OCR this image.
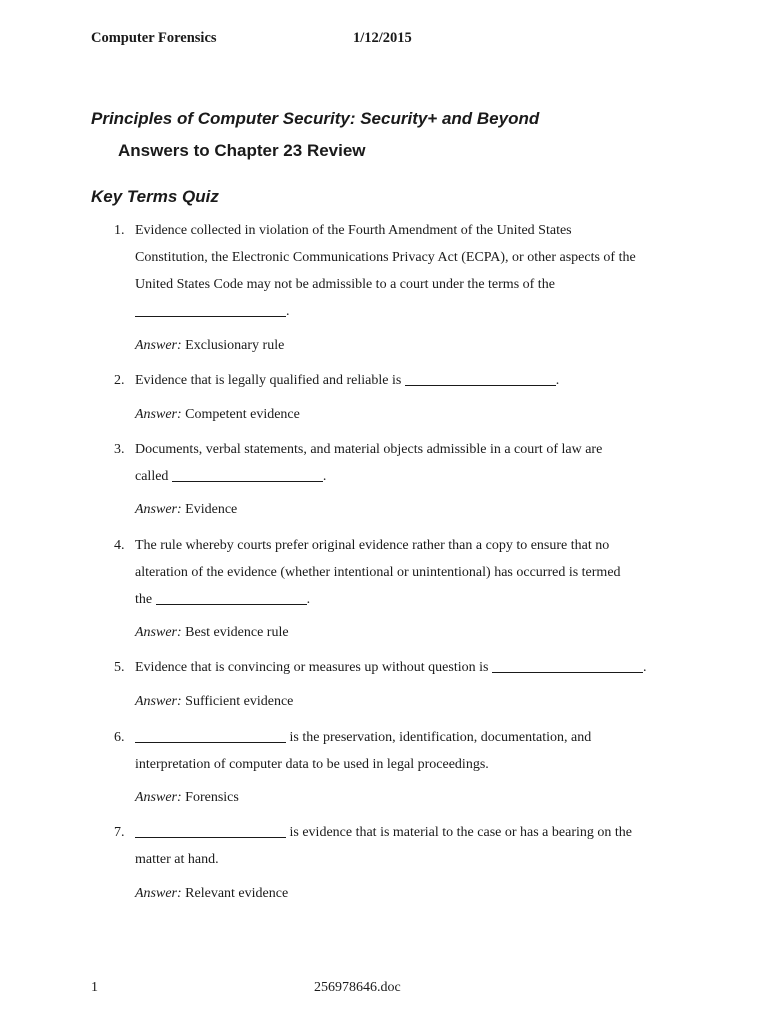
Computer Forensics	1/12/2015
Principles of Computer Security: Security+ and Beyond
Answers to Chapter 23 Review
Key Terms Quiz
1. Evidence collected in violation of the Fourth Amendment of the United States
Constitution, the Electronic Communications Privacy Act (ECPA), or other aspects of the
United States Code may not be admissible to a court under the terms of the
.
Answer: Exclusionary rule
2. Evidence that is legally qualified and reliable is	.
Answer: Competent evidence
3. Documents, verbal statements, and material objects admissible in a court of law are
called	.
Answer: Evidence
4. The rule whereby courts prefer original evidence rather than a copy to ensure that no
alteration of the evidence (whether intentional or unintentional) has occurred is termed
the	.
Answer: Best evidence rule
5. Evidence that is convincing or measures up without question is	.
Answer: Sufficient evidence
6.	is the preservation, identification, documentation, and
interpretation of computer data to be used in legal proceedings.
Answer: Forensics
7.	is evidence that is material to the case or has a bearing on the
matter at hand.
Answer: Relevant evidence
1	256978646.doc
